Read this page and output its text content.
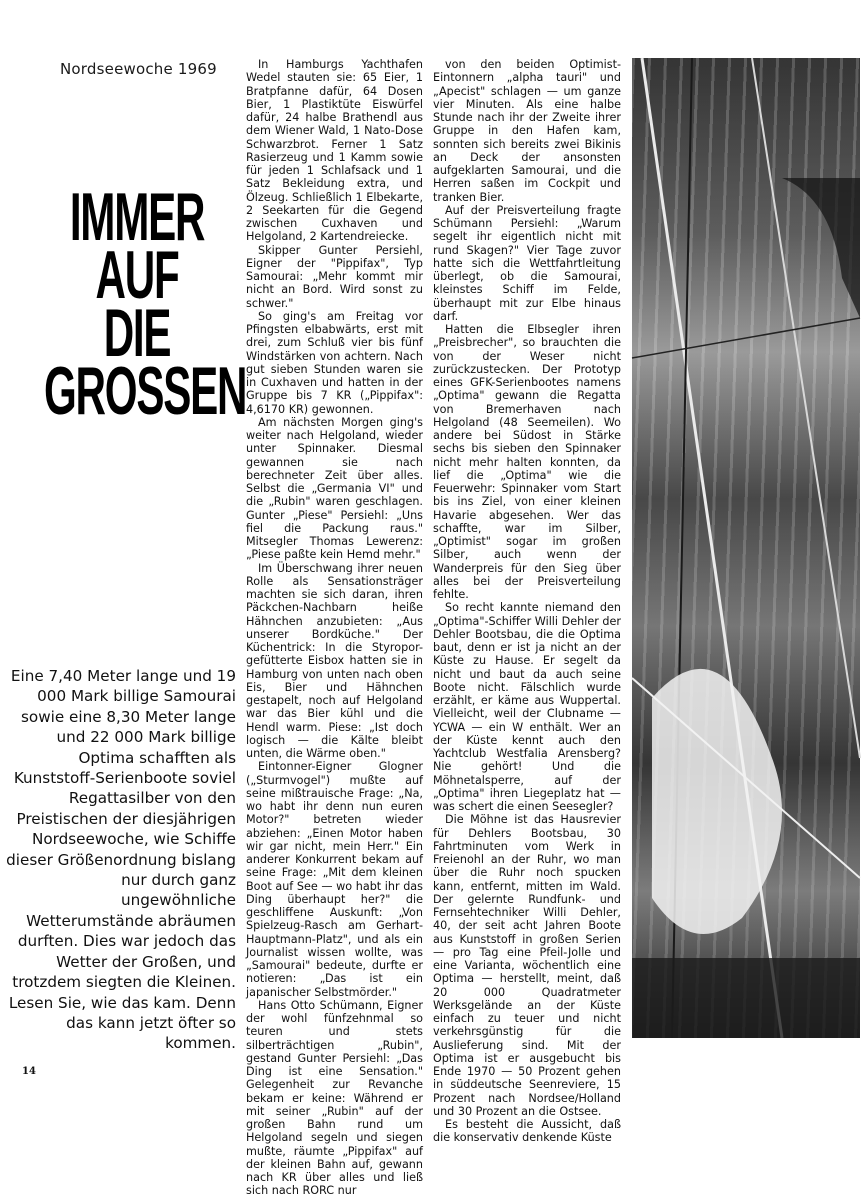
Nordseewoche 1969
IMMER
AUF
DIE
GROSSEN
Eine 7,40 Meter lange und 19 000 Mark billige Samourai sowie eine 8,30 Meter lange und 22 000 Mark billige Optima schafften als Kunststoff-Serienboote soviel Regattasilber von den Preistischen der diesjährigen Nordseewoche, wie Schiffe dieser Größenordnung bislang nur durch ganz ungewöhnliche Wetterumstände abräumen durften. Dies war jedoch das Wetter der Großen, und trotzdem siegten die Kleinen. Lesen Sie, wie das kam. Denn das kann jetzt öfter so kommen.
14

In Hamburgs Yachthafen Wedel stauten sie: 65 Eier, 1 Bratpfanne dafür, 64 Dosen Bier, 1 Plastiktüte Eiswürfel dafür, 24 halbe Brathendl aus dem Wiener Wald, 1 Nato-Dose Schwarzbrot. Ferner 1 Satz Rasierzeug und 1 Kamm sowie für jeden 1 Schlafsack und 1 Satz Bekleidung extra, und Ölzeug. Schließlich 1 Elbekarte, 2 Seekarten für die Gegend zwischen Cuxhaven und Helgoland, 2 Kartendreiecke.

Skipper Gunter Persiehl, Eigner der "Pippifax", Typ Samourai: „Mehr kommt mir nicht an Bord. Wird sonst zu schwer."

So ging's am Freitag vor Pfingsten elbabwärts, erst mit drei, zum Schluß vier bis fünf Windstärken von achtern. Nach gut sieben Stunden waren sie in Cuxhaven und hatten in der Gruppe bis 7 KR („Pippifax": 4,6170 KR) gewonnen.

Am nächsten Morgen ging's weiter nach Helgoland, wieder unter Spinnaker. Diesmal gewannen sie nach berechneter Zeit über alles. Selbst die „Germania VI" und die „Rubin" waren geschlagen. Gunter „Piese" Persiehl: „Uns fiel die Packung raus." Mitsegler Thomas Lewerenz: „Piese paßte kein Hemd mehr."

Im Überschwang ihrer neuen Rolle als Sensationsträger machten sie sich daran, ihren Päckchen-Nachbarn heiße Hähnchen anzubieten: „Aus unserer Bordküche." Der Küchentrick: In die Styropor-gefütterte Eisbox hatten sie in Hamburg von unten nach oben Eis, Bier und Hähnchen gestapelt, noch auf Helgoland war das Bier kühl und die Hendl warm. Piese: „Ist doch logisch — die Kälte bleibt unten, die Wärme oben."

Eintonner-Eigner Glogner („Sturmvogel") mußte auf seine mißtrauische Frage: „Na, wo habt ihr denn nun euren Motor?" betreten wieder abziehen: „Einen Motor haben wir gar nicht, mein Herr." Ein anderer Konkurrent bekam auf seine Frage: „Mit dem kleinen Boot auf See — wo habt ihr das Ding überhaupt her?" die geschliffene Auskunft: „Von Spielzeug-Rasch am Gerhart-Hauptmann-Platz", und als ein Journalist wissen wollte, was „Samourai" bedeute, durfte er notieren: „Das ist ein japanischer Selbstmörder."

Hans Otto Schümann, Eigner der wohl fünfzehnmal so teuren und stets silberträchtigen „Rubin", gestand Gunter Persiehl: „Das Ding ist eine Sensation." Gelegenheit zur Revanche bekam er keine: Während er mit seiner „Rubin" auf der großen Bahn rund um Helgoland segeln und siegen mußte, räumte „Pippifax" auf der kleinen Bahn auf, gewann nach KR über alles und ließ sich nach RORC nur

von den beiden Optimist-Eintonnern „alpha tauri" und „Apecist" schlagen — um ganze vier Minuten. Als eine halbe Stunde nach ihr der Zweite ihrer Gruppe in den Hafen kam, sonnten sich bereits zwei Bikinis an Deck der ansonsten aufgeklarten Samourai, und die Herren saßen im Cockpit und tranken Bier.

Auf der Preisverteilung fragte Schümann Persiehl: „Warum segelt ihr eigentlich nicht mit rund Skagen?" Vier Tage zuvor hatte sich die Wettfahrtleitung überlegt, ob die Samourai, kleinstes Schiff im Felde, überhaupt mit zur Elbe hinaus darf.

Hatten die Elbsegler ihren „Preisbrecher", so brauchten die von der Weser nicht zurückzustecken. Der Prototyp eines GFK-Serienbootes namens „Optima" gewann die Regatta von Bremerhaven nach Helgoland (48 Seemeilen). Wo andere bei Südost in Stärke sechs bis sieben den Spinnaker nicht mehr halten konnten, da lief die „Optima" wie die Feuerwehr: Spinnaker vom Start bis ins Ziel, von einer kleinen Havarie abgesehen. Wer das schaffte, war im Silber, „Optimist" sogar im großen Silber, auch wenn der Wanderpreis für den Sieg über alles bei der Preisverteilung fehlte.

So recht kannte niemand den „Optima"-Schiffer Willi Dehler der Dehler Bootsbau, die die Optima baut, denn er ist ja nicht an der Küste zu Hause. Er segelt da nicht und baut da auch seine Boote nicht. Fälschlich wurde erzählt, er käme aus Wuppertal. Vielleicht, weil der Clubname — YCWA — ein W enthält. Wer an der Küste kennt auch den Yachtclub Westfalia Arensberg? Nie gehört! Und die Möhnetalsperre, auf der „Optima" ihren Liegeplatz hat — was schert die einen Seesegler?

Die Möhne ist das Hausrevier für Dehlers Bootsbau, 30 Fahrtminuten vom Werk in Freienohl an der Ruhr, wo man über die Ruhr noch spucken kann, entfernt, mitten im Wald. Der gelernte Rundfunk- und Fernsehtechniker Willi Dehler, 40, der seit acht Jahren Boote aus Kunststoff in großen Serien — pro Tag eine Pfeil-Jolle und eine Varianta, wöchentlich eine Optima — herstellt, meint, daß 20 000 Quadratmeter Werksgelände an der Küste einfach zu teuer und nicht verkehrsgünstig für die Auslieferung sind. Mit der Optima ist er ausgebucht bis Ende 1970 — 50 Prozent gehen in süddeutsche Seenreviere, 15 Prozent nach Nordsee/Holland und 30 Prozent an die Ostsee.

Es besteht die Aussicht, daß die konservativ denkende Küste
